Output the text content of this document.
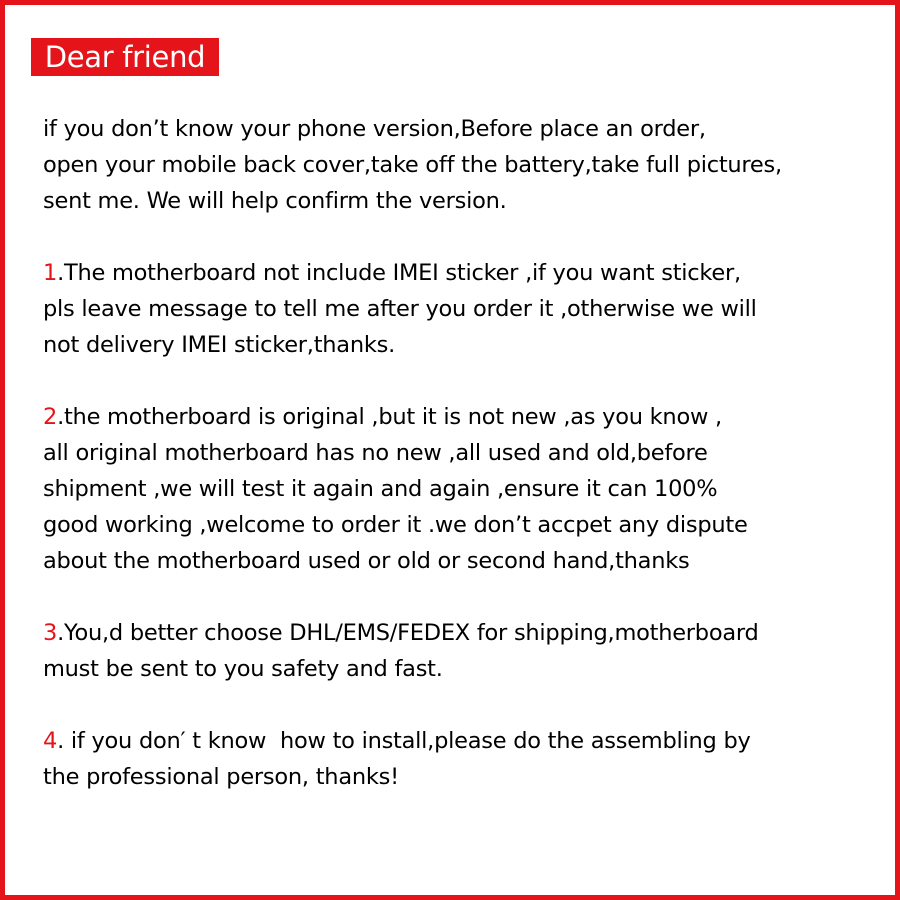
Dear friend

if you don’t know your phone version,Before place an order,
open your mobile back cover,take off the battery,take full pictures,
sent me. We will help confirm the version.

1.The motherboard not include IMEI sticker ,if you want sticker,
pls leave message to tell me after you order it ,otherwise we will
not delivery IMEI sticker,thanks.

2.the motherboard is original ,but it is not new ,as you know ,
all original motherboard has no new ,all used and old,before
shipment ,we will test it again and again ,ensure it can 100%
good working ,welcome to order it .we don’t accpet any dispute
about the motherboard used or old or second hand,thanks

3.You,d better choose DHL/EMS/FEDEX for shipping,motherboard
must be sent to you safety and fast.

4. if you don′ t know  how to install,please do the assembling by
the professional person, thanks!
